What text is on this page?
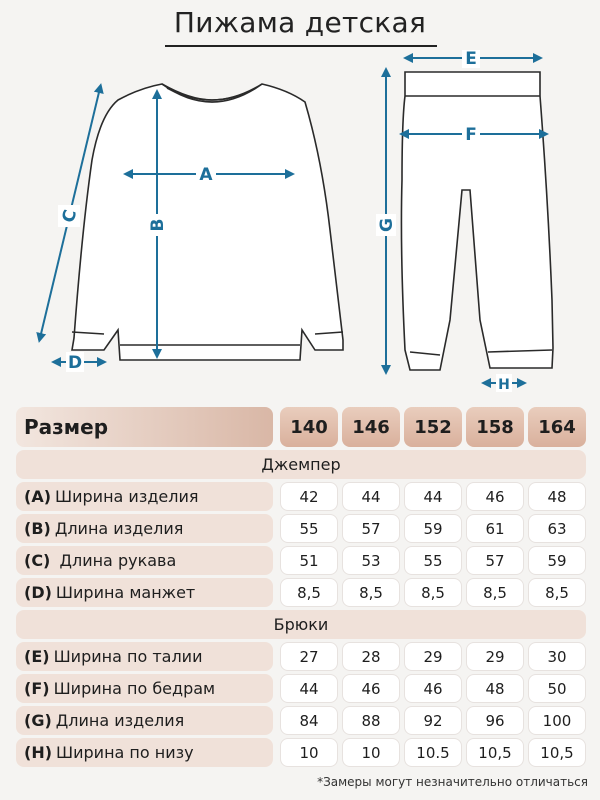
Пижама детская
A
B
C
D
E
F
G
H
Размер	140	146	152	158	164
Джемпер
(A) Ширина изделия	42	44	44	46	48
(B) Длина изделия	55	57	59	61	63
(C) Длина рукава	51	53	55	57	59
(D) Ширина манжет	8,5	8,5	8,5	8,5	8,5
Брюки
(E) Ширина по талии	27	28	29	29	30
(F) Ширина по бедрам	44	46	46	48	50
(G) Длина изделия	84	88	92	96	100
(H) Ширина по низу	10	10	10.5	10,5	10,5
*Замеры могут незначительно отличаться
